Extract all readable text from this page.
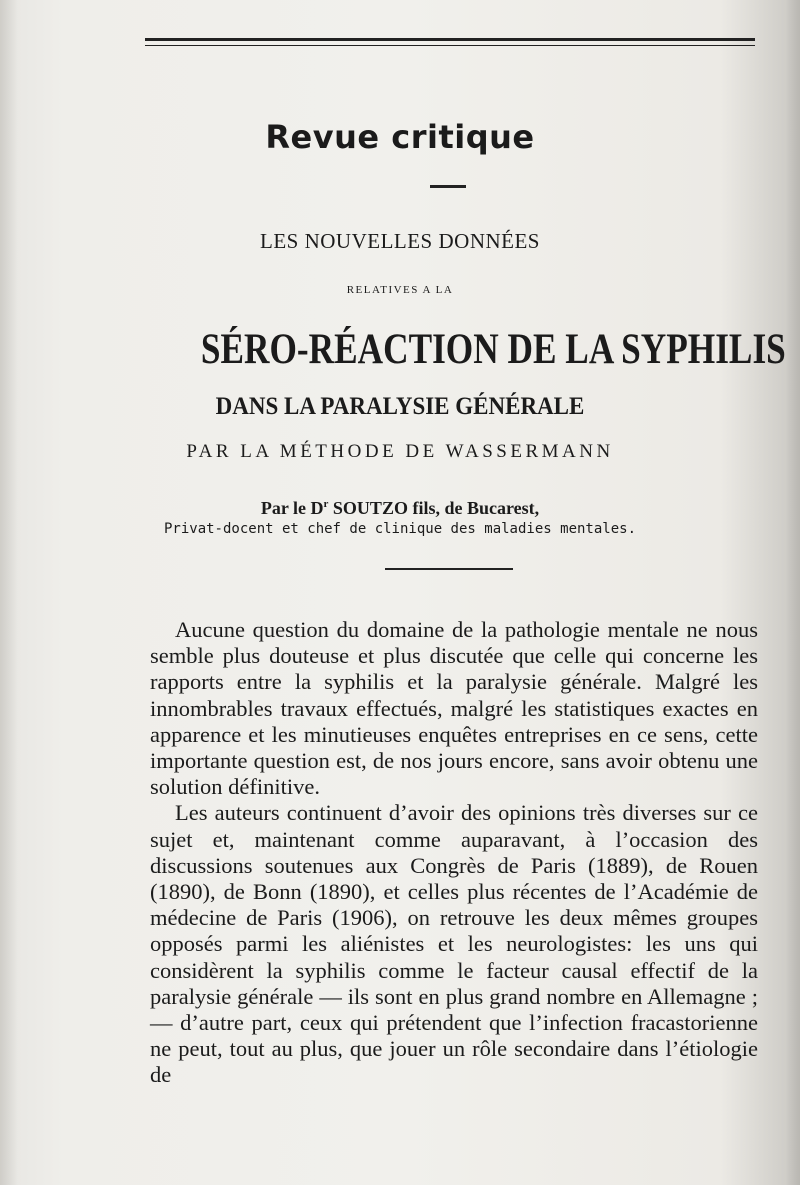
Revue critique
LES NOUVELLES DONNÉES
RELATIVES A LA
SÉRO-RÉACTION DE LA SYPHILIS
DANS LA PARALYSIE GÉNÉRALE
PAR LA MÉTHODE DE WASSERMANN
Par le $D^r$ SOUTZO fils, de Bucarest,
Privat-docent et chef de clinique des maladies mentales.

Aucune question du domaine de la pathologie mentale ne nous semble plus douteuse et plus discutée que celle qui concerne les rapports entre la syphilis et la paralysie générale. Malgré les innombrables travaux effectués, malgré les statistiques exactes en apparence et les minutieuses enquêtes entreprises en ce sens, cette importante question est, de nos jours encore, sans avoir obtenu une solution définitive.

Les auteurs continuent d’avoir des opinions très diverses sur ce sujet et, maintenant comme auparavant, à l’occasion des discussions soutenues aux Congrès de Paris (1889), de Rouen (1890), de Bonn (1890), et celles plus récentes de l’Académie de médecine de Paris (1906), on retrouve les deux mêmes groupes opposés parmi les aliénistes et les neurologistes: les uns qui considèrent la syphilis comme le facteur causal effectif de la paralysie générale — ils sont en plus grand nombre en Allemagne ; — d’autre part, ceux qui prétendent que l’infection fracastorienne ne peut, tout au plus, que jouer un rôle secondaire dans l’étiologie de
